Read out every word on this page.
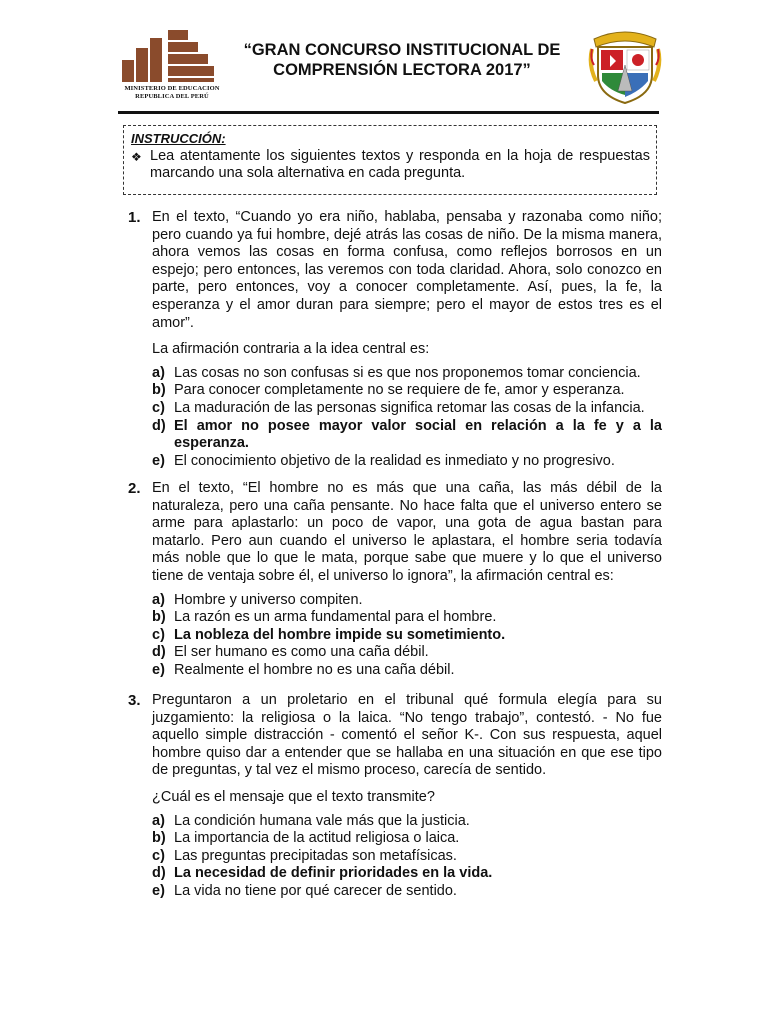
MINISTERIO DE EDUCACION
REPUBLICA DEL PERÚ
“GRAN CONCURSO INSTITUCIONAL DE
COMPRENSIÓN LECTORA 2017”
INSTRUCCIÓN:
❖ Lea atentamente los siguientes textos y responda en la hoja de respuestas marcando una sola alternativa en cada pregunta.
1. En el texto, “Cuando yo era niño, hablaba, pensaba y razonaba como niño; pero cuando ya fui hombre, dejé atrás las cosas de niño. De la misma manera, ahora vemos las cosas en forma confusa, como reflejos borrosos en un espejo; pero entonces, las veremos con toda claridad. Ahora, solo conozco en parte, pero entonces, voy a conocer completamente. Así, pues, la fe, la esperanza y el amor duran para siempre; pero el mayor de estos tres es el amor”.
La afirmación contraria a la idea central es:
a) Las cosas no son confusas si es que nos proponemos tomar conciencia.
b) Para conocer completamente no se requiere de fe, amor y esperanza.
c) La maduración de las personas significa retomar las cosas de la infancia.
d) El amor no posee mayor valor social en relación a la fe y a la esperanza.
e) El conocimiento objetivo de la realidad es inmediato y no progresivo.
2. En el texto, “El hombre no es más que una caña, las más débil de la naturaleza, pero una caña pensante. No hace falta que el universo entero se arme para aplastarlo: un poco de vapor, una gota de agua bastan para matarlo. Pero aun cuando el universo le aplastara, el hombre seria todavía más noble que lo que le mata, porque sabe que muere y lo que el universo tiene de ventaja sobre él, el universo lo ignora”, la afirmación central es:
a) Hombre y universo compiten.
b) La razón es un arma fundamental para el hombre.
c) La nobleza del hombre impide su sometimiento.
d) El ser humano es como una caña débil.
e) Realmente el hombre no es una caña débil.
3. Preguntaron a un proletario en el tribunal qué formula elegía para su juzgamiento: la religiosa o la laica. “No tengo trabajo”, contestó. - No fue aquello simple distracción - comentó el señor K-. Con sus respuesta, aquel hombre quiso dar a entender que se hallaba en una situación en que ese tipo de preguntas, y tal vez el mismo proceso, carecía de sentido.
¿Cuál es el mensaje que el texto transmite?
a) La condición humana vale más que la justicia.
b) La importancia de la actitud religiosa o laica.
c) Las preguntas precipitadas son metafísicas.
d) La necesidad de definir prioridades en la vida.
e) La vida no tiene por qué carecer de sentido.
